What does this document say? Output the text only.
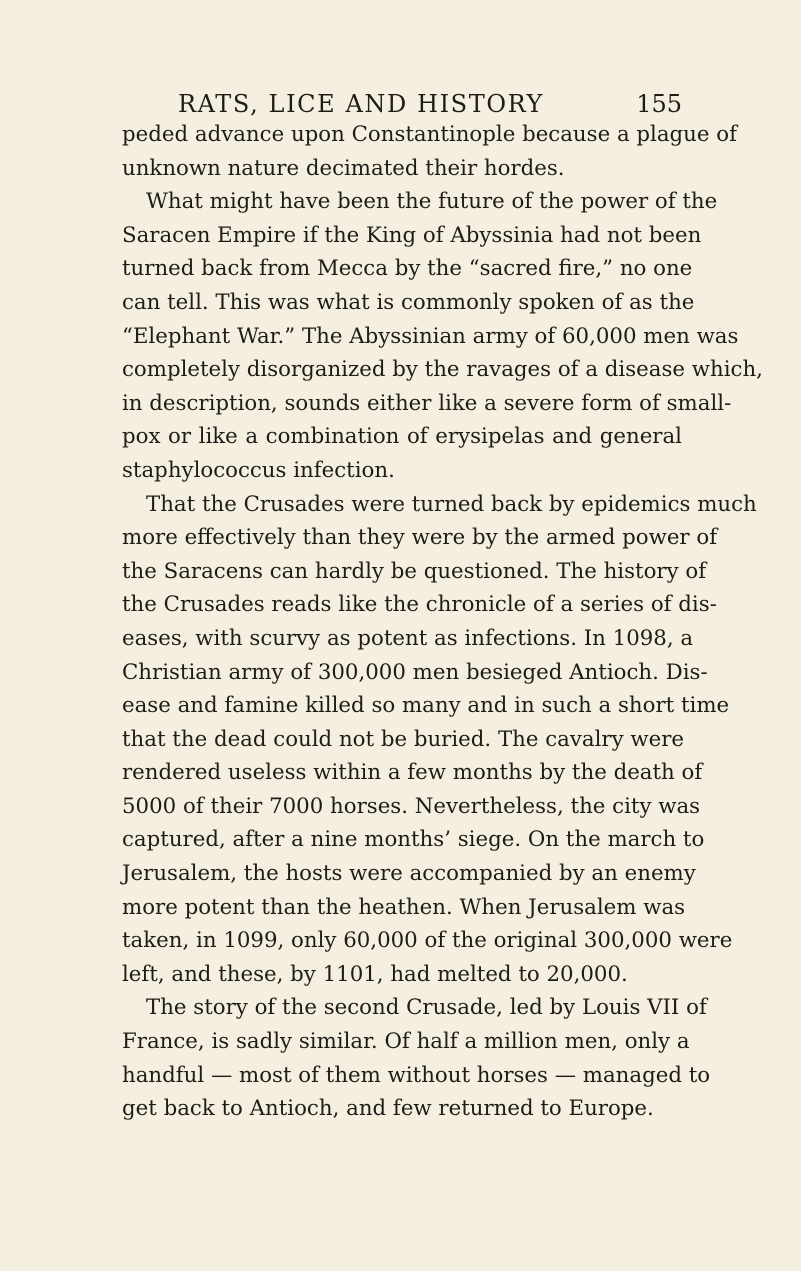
RATS, LICE AND HISTORY	155
peded advance upon Constantinople because a plague of
unknown nature decimated their hordes.
What might have been the future of the power of the
Saracen Empire if the King of Abyssinia had not been
turned back from Mecca by the “sacred fire,” no one
can tell. This was what is commonly spoken of as the
“Elephant War.” The Abyssinian army of 60,000 men was
completely disorganized by the ravages of a disease which,
in description, sounds either like a severe form of small-
pox or like a combination of erysipelas and general
staphylococcus infection.
That the Crusades were turned back by epidemics much
more effectively than they were by the armed power of
the Saracens can hardly be questioned. The history of
the Crusades reads like the chronicle of a series of dis-
eases, with scurvy as potent as infections. In 1098, a
Christian army of 300,000 men besieged Antioch. Dis-
ease and famine killed so many and in such a short time
that the dead could not be buried. The cavalry were
rendered useless within a few months by the death of
5000 of their 7000 horses. Nevertheless, the city was
captured, after a nine months’ siege. On the march to
Jerusalem, the hosts were accompanied by an enemy
more potent than the heathen. When Jerusalem was
taken, in 1099, only 60,000 of the original 300,000 were
left, and these, by 1101, had melted to 20,000.
The story of the second Crusade, led by Louis VII of
France, is sadly similar. Of half a million men, only a
handful — most of them without horses — managed to
get back to Antioch, and few returned to Europe.
